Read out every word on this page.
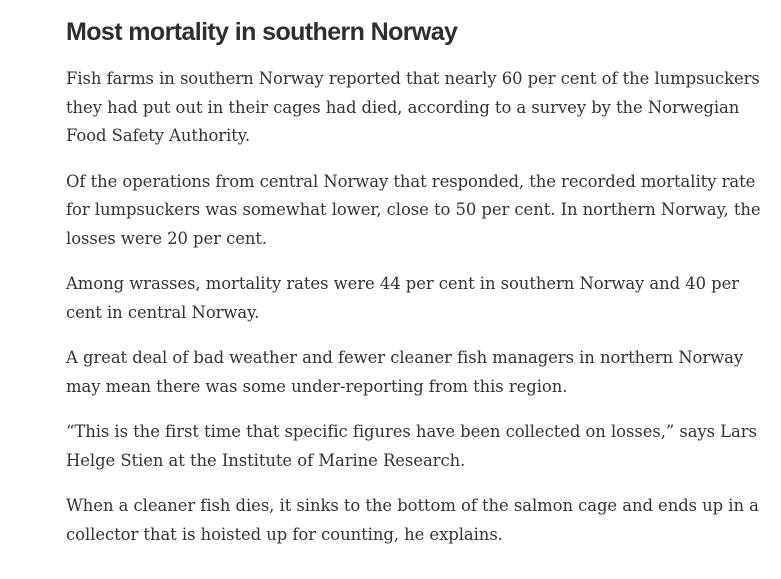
Most mortality in southern Norway

Fish farms in southern Norway reported that nearly 60 per cent of the lumpsuckers they had put out in their cages had died, according to a survey by the Norwegian Food Safety Authority.

Of the operations from central Norway that responded, the recorded mortality rate for lumpsuckers was somewhat lower, close to 50 per cent. In northern Norway, the losses were 20 per cent.

Among wrasses, mortality rates were 44 per cent in southern Norway and 40 per cent in central Norway.

A great deal of bad weather and fewer cleaner fish managers in northern Norway may mean there was some under-reporting from this region.

“This is the first time that specific figures have been collected on losses,” says Lars Helge Stien at the Institute of Marine Research.

When a cleaner fish dies, it sinks to the bottom of the salmon cage and ends up in a collector that is hoisted up for counting, he explains.
